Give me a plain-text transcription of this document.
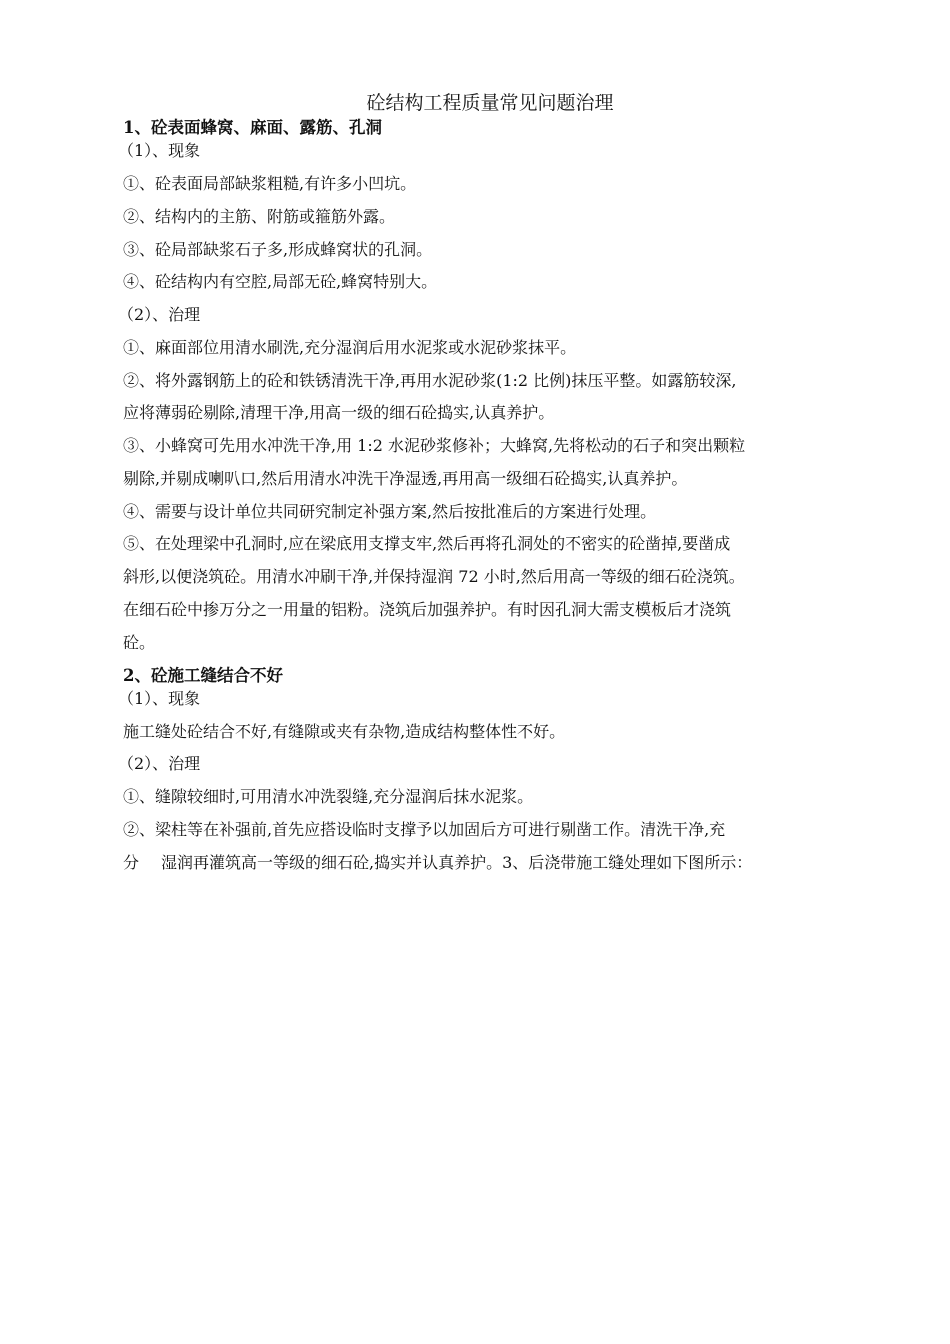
砼结构工程质量常见问题治理
1、砼表面蜂窝、麻面、露筋、孔洞
（1）、现象
①、砼表面局部缺浆粗糙,有许多小凹坑。
②、结构内的主筋、附筋或箍筋外露。
③、砼局部缺浆石子多,形成蜂窝状的孔洞。
④、砼结构内有空腔,局部无砼,蜂窝特别大。
（2）、治理
①、麻面部位用清水刷洗,充分湿润后用水泥浆或水泥砂浆抹平。
②、将外露钢筋上的砼和铁锈清洗干净,再用水泥砂浆(1:2 比例)抹压平整。如露筋较深,
应将薄弱砼剔除,清理干净,用高一级的细石砼捣实,认真养护。
③、小蜂窝可先用水冲洗干净,用 1:2 水泥砂浆修补；大蜂窝,先将松动的石子和突出颗粒
剔除,并剔成喇叭口,然后用清水冲洗干净湿透,再用高一级细石砼捣实,认真养护。
④、需要与设计单位共同研究制定补强方案,然后按批准后的方案进行处理。
⑤、在处理梁中孔洞时,应在梁底用支撑支牢,然后再将孔洞处的不密实的砼凿掉,要凿成
斜形,以便浇筑砼。用清水冲刷干净,并保持湿润 72 小时,然后用高一等级的细石砼浇筑。
在细石砼中掺万分之一用量的铝粉。浇筑后加强养护。有时因孔洞大需支模板后才浇筑
砼。
2、砼施工缝结合不好
（1）、现象
施工缝处砼结合不好,有缝隙或夹有杂物,造成结构整体性不好。
（2）、治理
①、缝隙较细时,可用清水冲洗裂缝,充分湿润后抹水泥浆。
②、梁柱等在补强前,首先应搭设临时支撑予以加固后方可进行剔凿工作。清洗干净,充
分 湿润再灌筑高一等级的细石砼,捣实并认真养护。3、后浇带施工缝处理如下图所示：
